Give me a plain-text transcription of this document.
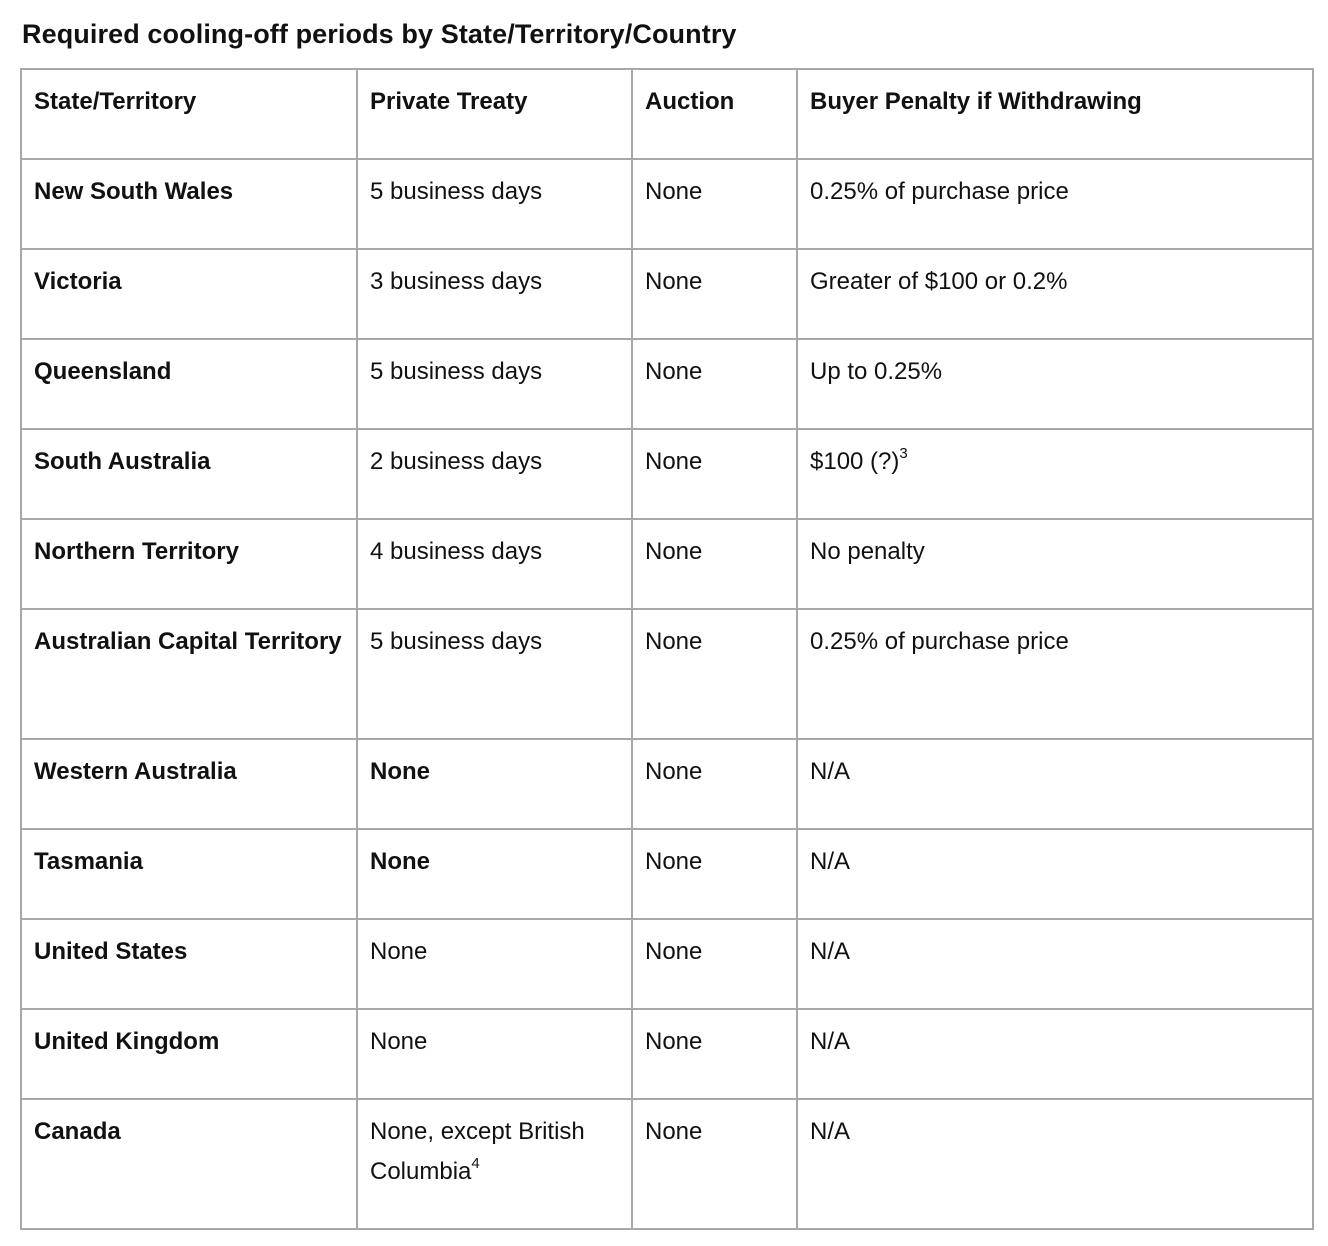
Required cooling-off periods by State/Territory/Country
State/Territory	Private Treaty	Auction	Buyer Penalty if Withdrawing
New South Wales	5 business days	None	0.25% of purchase price
Victoria	3 business days	None	Greater of $100 or 0.2%
Queensland	5 business days	None	Up to 0.25%
South Australia	2 business days	None	$100 (?)$^3$
Northern Territory	4 business days	None	No penalty
Australian Capital Territory	5 business days	None	0.25% of purchase price
Western Australia	None	None	N/A
Tasmania	None	None	N/A
United States	None	None	N/A
United Kingdom	None	None	N/A
Canada	None, except British Columbia$^4$	None	N/A
